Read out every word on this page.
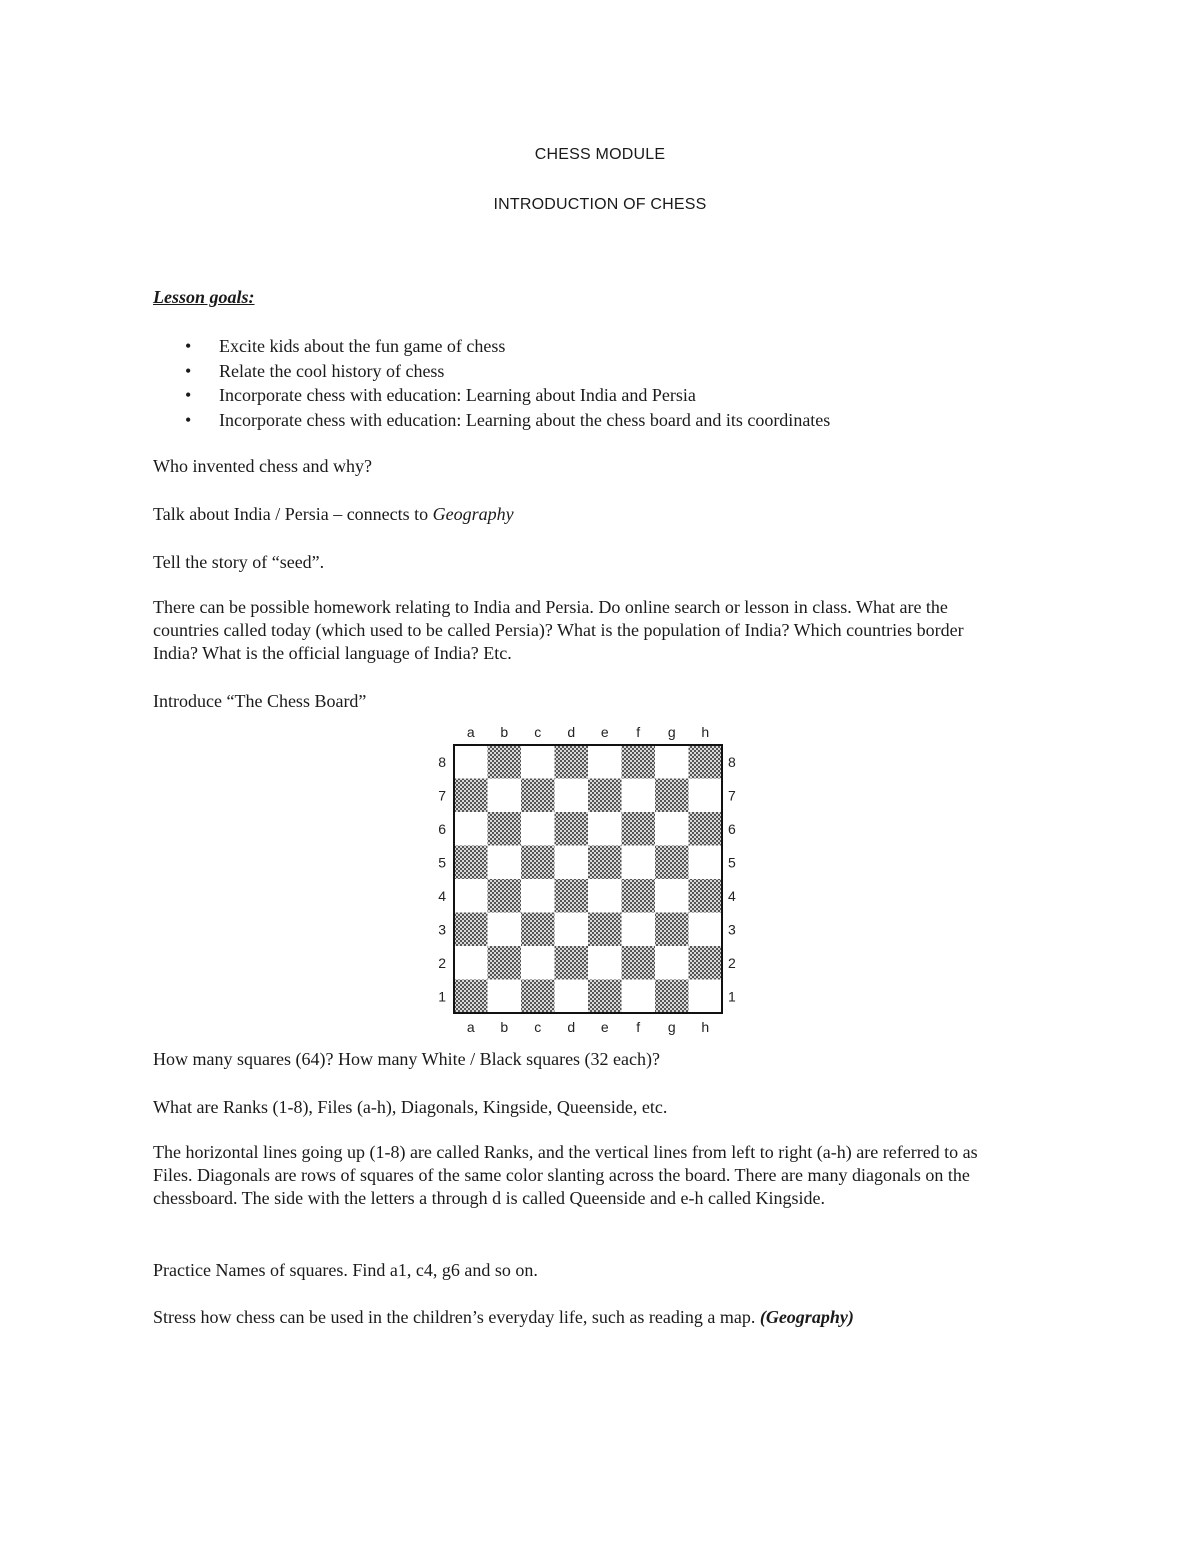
CHESS MODULE
INTRODUCTION OF CHESS
Lesson goals:
• Excite kids about the fun game of chess
• Relate the cool history of chess
• Incorporate chess with education: Learning about India and Persia
• Incorporate chess with education: Learning about the chess board and its coordinates

Who invented chess and why?

Talk about India / Persia – connects to Geography

Tell the story of “seed”.

There can be possible homework relating to India and Persia. Do online search or lesson in class. What are the countries called today (which used to be called Persia)? What is the population of India? Which countries border India? What is the official language of India? Etc.

Introduce “The Chess Board”

a
a
b
b
c
c
d
d
e
e
f
f
g
g
h
h
8	8
7	7
6	6
5	5
4	4
3	3
2	2
1	1

How many squares (64)? How many White / Black squares (32 each)?

What are Ranks (1-8), Files (a-h), Diagonals, Kingside, Queenside, etc.

The horizontal lines going up (1-8) are called Ranks, and the vertical lines from left to right (a-h) are referred to as Files. Diagonals are rows of squares of the same color slanting across the board. There are many diagonals on the chessboard. The side with the letters a through d is called Queenside and e-h called Kingside.

Practice Names of squares. Find a1, c4, g6 and so on.

Stress how chess can be used in the children’s everyday life, such as reading a map. (Geography)
